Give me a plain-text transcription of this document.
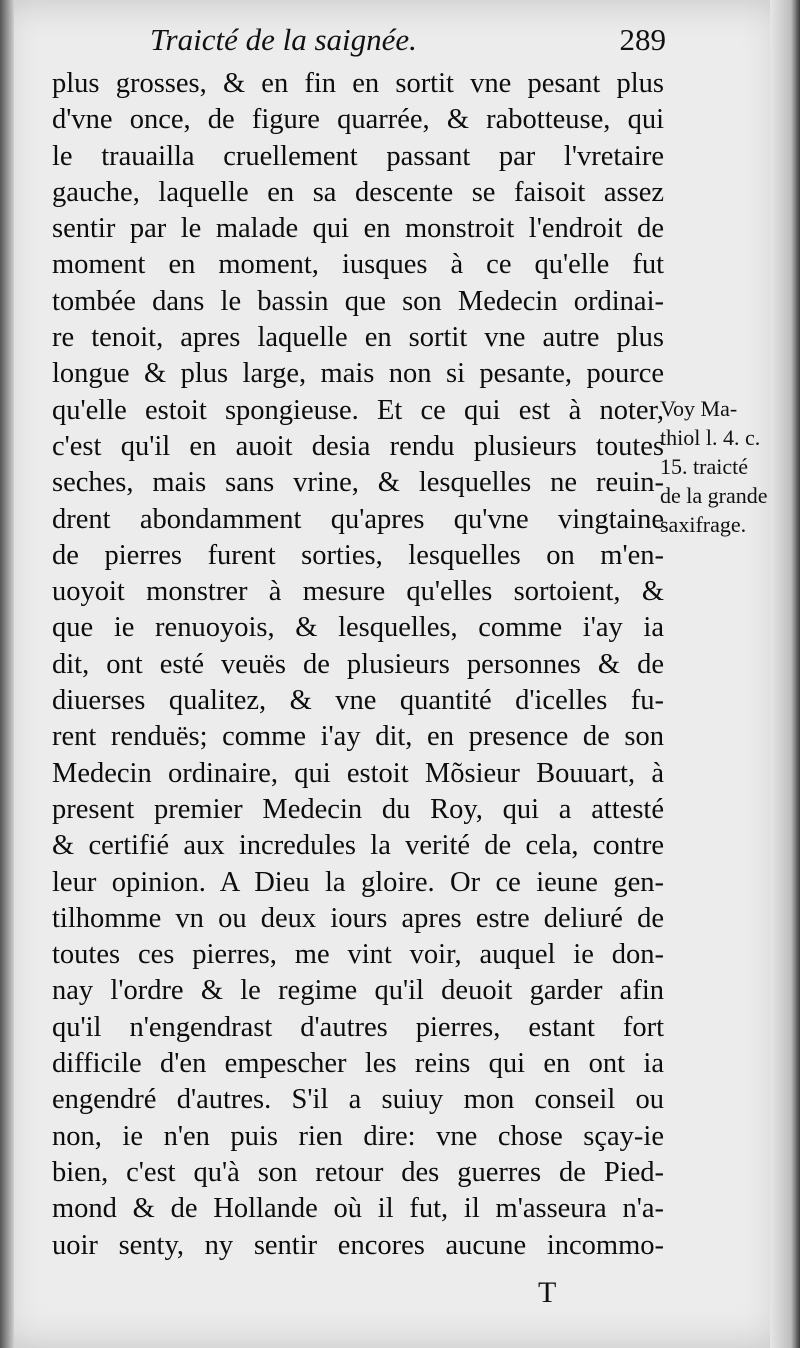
Traicté de la saignée.	289
plus grosses, & en fin en sortit vne pesant plus
d'vne once, de figure quarrée, & rabotteuse, qui
le trauailla cruellement passant par l'vretaire
gauche, laquelle en sa descente se faisoit assez
sentir par le malade qui en monstroit l'endroit de
moment en moment, iusques à ce qu'elle fut
tombée dans le bassin que son Medecin ordinai-
re tenoit, apres laquelle en sortit vne autre plus
longue & plus large, mais non si pesante, pource
qu'elle estoit spongieuse. Et ce qui est à noter,
c'est qu'il en auoit desia rendu plusieurs toutes
seches, mais sans vrine, & lesquelles ne reuin-
drent abondamment qu'apres qu'vne vingtaine
de pierres furent sorties, lesquelles on m'en-
uoyoit monstrer à mesure qu'elles sortoient, &
que ie renuoyois, & lesquelles, comme i'ay ia
dit, ont esté veuës de plusieurs personnes & de
diuerses qualitez, & vne quantité d'icelles fu-
rent renduës; comme i'ay dit, en presence de son
Medecin ordinaire, qui estoit Mõsieur Bouuart, à
present premier Medecin du Roy, qui a attesté
& certifié aux incredules la verité de cela, contre
leur opinion. A Dieu la gloire. Or ce ieune gen-
tilhomme vn ou deux iours apres estre deliuré de
toutes ces pierres, me vint voir, auquel ie don-
nay l'ordre & le regime qu'il deuoit garder afin
qu'il n'engendrast d'autres pierres, estant fort
difficile d'en empescher les reins qui en ont ia
engendré d'autres. S'il a suiuy mon conseil ou
non, ie n'en puis rien dire: vne chose sçay-ie
bien, c'est qu'à son retour des guerres de Pied-
mond & de Hollande où il fut, il m'asseura n'a-
uoir senty, ny sentir encores aucune incommo-
Voy Ma-
thiol l. 4. c.
15. traicté
de la grande
saxifrage.
T
